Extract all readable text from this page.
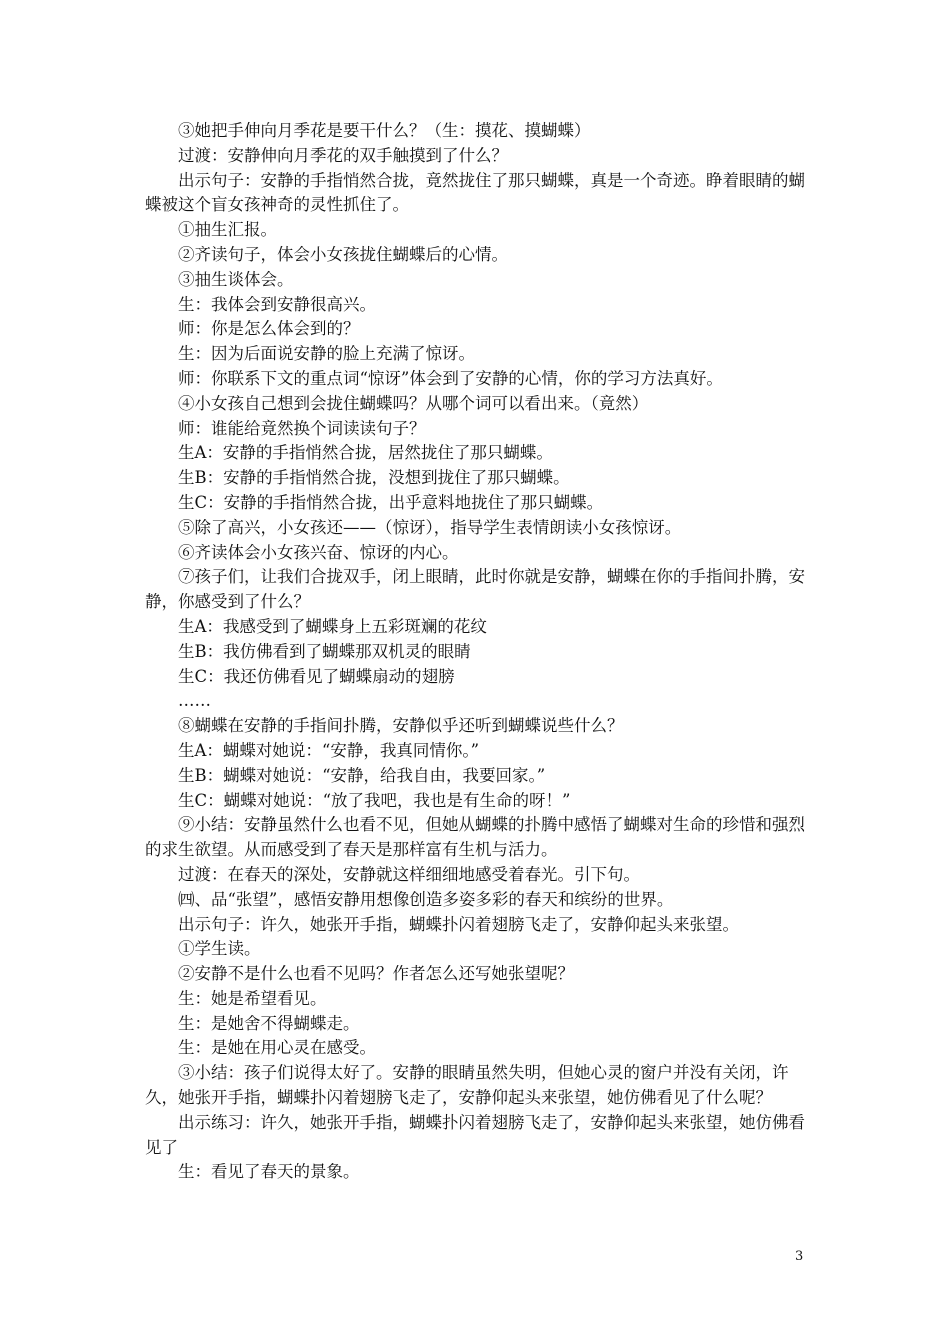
③她把手伸向月季花是要干什么？（生：摸花、摸蝴蝶）

过渡：安静伸向月季花的双手触摸到了什么？

出示句子：安静的手指悄然合拢，竟然拢住了那只蝴蝶，真是一个奇迹。睁着眼睛的蝴蝶被这个盲女孩神奇的灵性抓住了。

①抽生汇报。

②齐读句子，体会小女孩拢住蝴蝶后的心情。

③抽生谈体会。

生：我体会到安静很高兴。

师：你是怎么体会到的？

生：因为后面说安静的脸上充满了惊讶。

师：你联系下文的重点词“惊讶”体会到了安静的心情，你的学习方法真好。

④小女孩自己想到会拢住蝴蝶吗？从哪个词可以看出来。（竟然）

师：谁能给竟然换个词读读句子？

生A：安静的手指悄然合拢，居然拢住了那只蝴蝶。

生B：安静的手指悄然合拢，没想到拢住了那只蝴蝶。

生C：安静的手指悄然合拢，出乎意料地拢住了那只蝴蝶。

⑤除了高兴，小女孩还——（惊讶），指导学生表情朗读小女孩惊讶。

⑥齐读体会小女孩兴奋、惊讶的内心。

⑦孩子们，让我们合拢双手，闭上眼睛，此时你就是安静，蝴蝶在你的手指间扑腾，安静，你感受到了什么？

生A：我感受到了蝴蝶身上五彩斑斓的花纹

生B：我仿佛看到了蝴蝶那双机灵的眼睛

生C：我还仿佛看见了蝴蝶扇动的翅膀

……

⑧蝴蝶在安静的手指间扑腾，安静似乎还听到蝴蝶说些什么？

生A：蝴蝶对她说：“安静，我真同情你。”

生B：蝴蝶对她说：“安静，给我自由，我要回家。”

生C：蝴蝶对她说：“放了我吧，我也是有生命的呀！”

⑨小结：安静虽然什么也看不见，但她从蝴蝶的扑腾中感悟了蝴蝶对生命的珍惜和强烈的求生欲望。从而感受到了春天是那样富有生机与活力。

过渡：在春天的深处，安静就这样细细地感受着春光。引下句。

㈣、品“张望”，感悟安静用想像创造多姿多彩的春天和缤纷的世界。

出示句子：许久，她张开手指，蝴蝶扑闪着翅膀飞走了，安静仰起头来张望。

①学生读。

②安静不是什么也看不见吗？作者怎么还写她张望呢？

生：她是希望看见。

生：是她舍不得蝴蝶走。

生：是她在用心灵在感受。

③小结：孩子们说得太好了。安静的眼睛虽然失明，但她心灵的窗户并没有关闭，许久，她张开手指，蝴蝶扑闪着翅膀飞走了，安静仰起头来张望，她仿佛看见了什么呢？

出示练习：许久，她张开手指，蝴蝶扑闪着翅膀飞走了，安静仰起头来张望，她仿佛看见了

生：看见了春天的景象。

3
